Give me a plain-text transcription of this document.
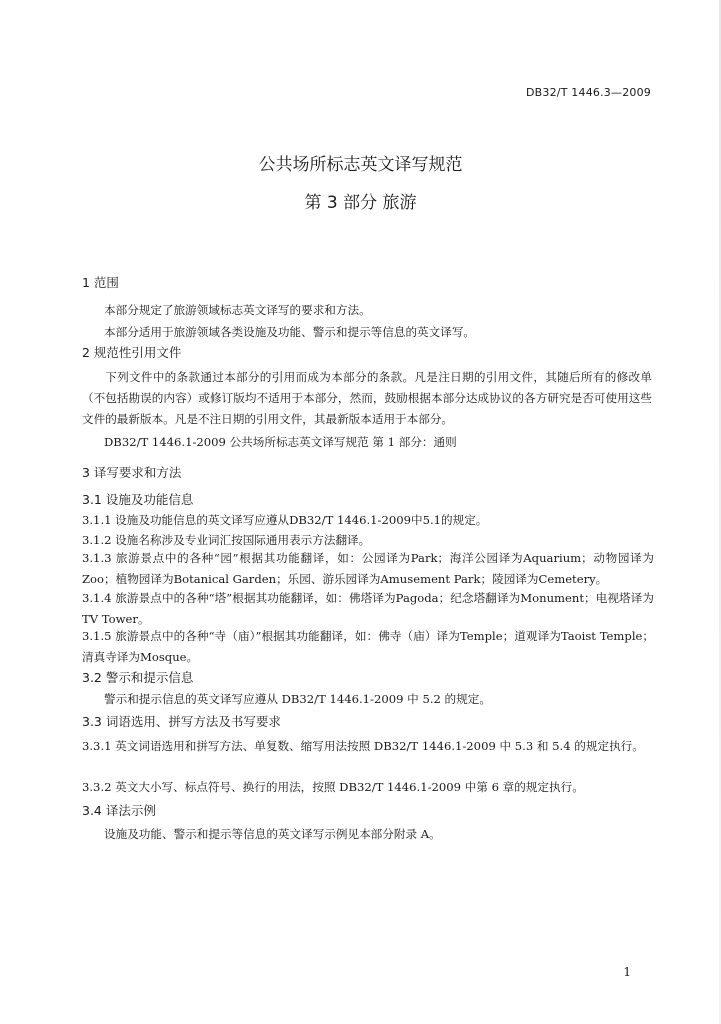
DB32/T 1446.3—2009
公共场所标志英文译写规范
第 3 部分 旅游
1 范围
本部分规定了旅游领域标志英文译写的要求和方法。
本部分适用于旅游领域各类设施及功能、警示和提示等信息的英文译写。
2 规范性引用文件
下列文件中的条款通过本部分的引用而成为本部分的条款。凡是注日期的引用文件，其随后所有的修改单（不包括勘误的内容）或修订版均不适用于本部分，然而，鼓励根据本部分达成协议的各方研究是否可使用这些文件的最新版本。凡是不注日期的引用文件，其最新版本适用于本部分。
DB32/T 1446.1-2009 公共场所标志英文译写规范 第 1 部分：通则
3 译写要求和方法
3.1 设施及功能信息
3.1.1 设施及功能信息的英文译写应遵从DB32/T 1446.1-2009中5.1的规定。
3.1.2 设施名称涉及专业词汇按国际通用表示方法翻译。
3.1.3 旅游景点中的各种“园”根据其功能翻译，如：公园译为Park；海洋公园译为Aquarium；动物园译为Zoo；植物园译为Botanical Garden；乐园、游乐园译为Amusement Park；陵园译为Cemetery。
3.1.4 旅游景点中的各种“塔”根据其功能翻译，如：佛塔译为Pagoda；纪念塔翻译为Monument；电视塔译为TV Tower。
3.1.5 旅游景点中的各种“寺（庙）”根据其功能翻译，如：佛寺（庙）译为Temple；道观译为Taoist Temple；清真寺译为Mosque。
3.2 警示和提示信息
警示和提示信息的英文译写应遵从 DB32/T 1446.1-2009 中 5.2 的规定。
3.3 词语选用、拼写方法及书写要求
3.3.1 英文词语选用和拼写方法、单复数、缩写用法按照 DB32/T 1446.1-2009 中 5.3 和 5.4 的规定执行。
3.3.2 英文大小写、标点符号、换行的用法，按照 DB32/T 1446.1-2009 中第 6 章的规定执行。
3.4 译法示例
设施及功能、警示和提示等信息的英文译写示例见本部分附录 A。
1
